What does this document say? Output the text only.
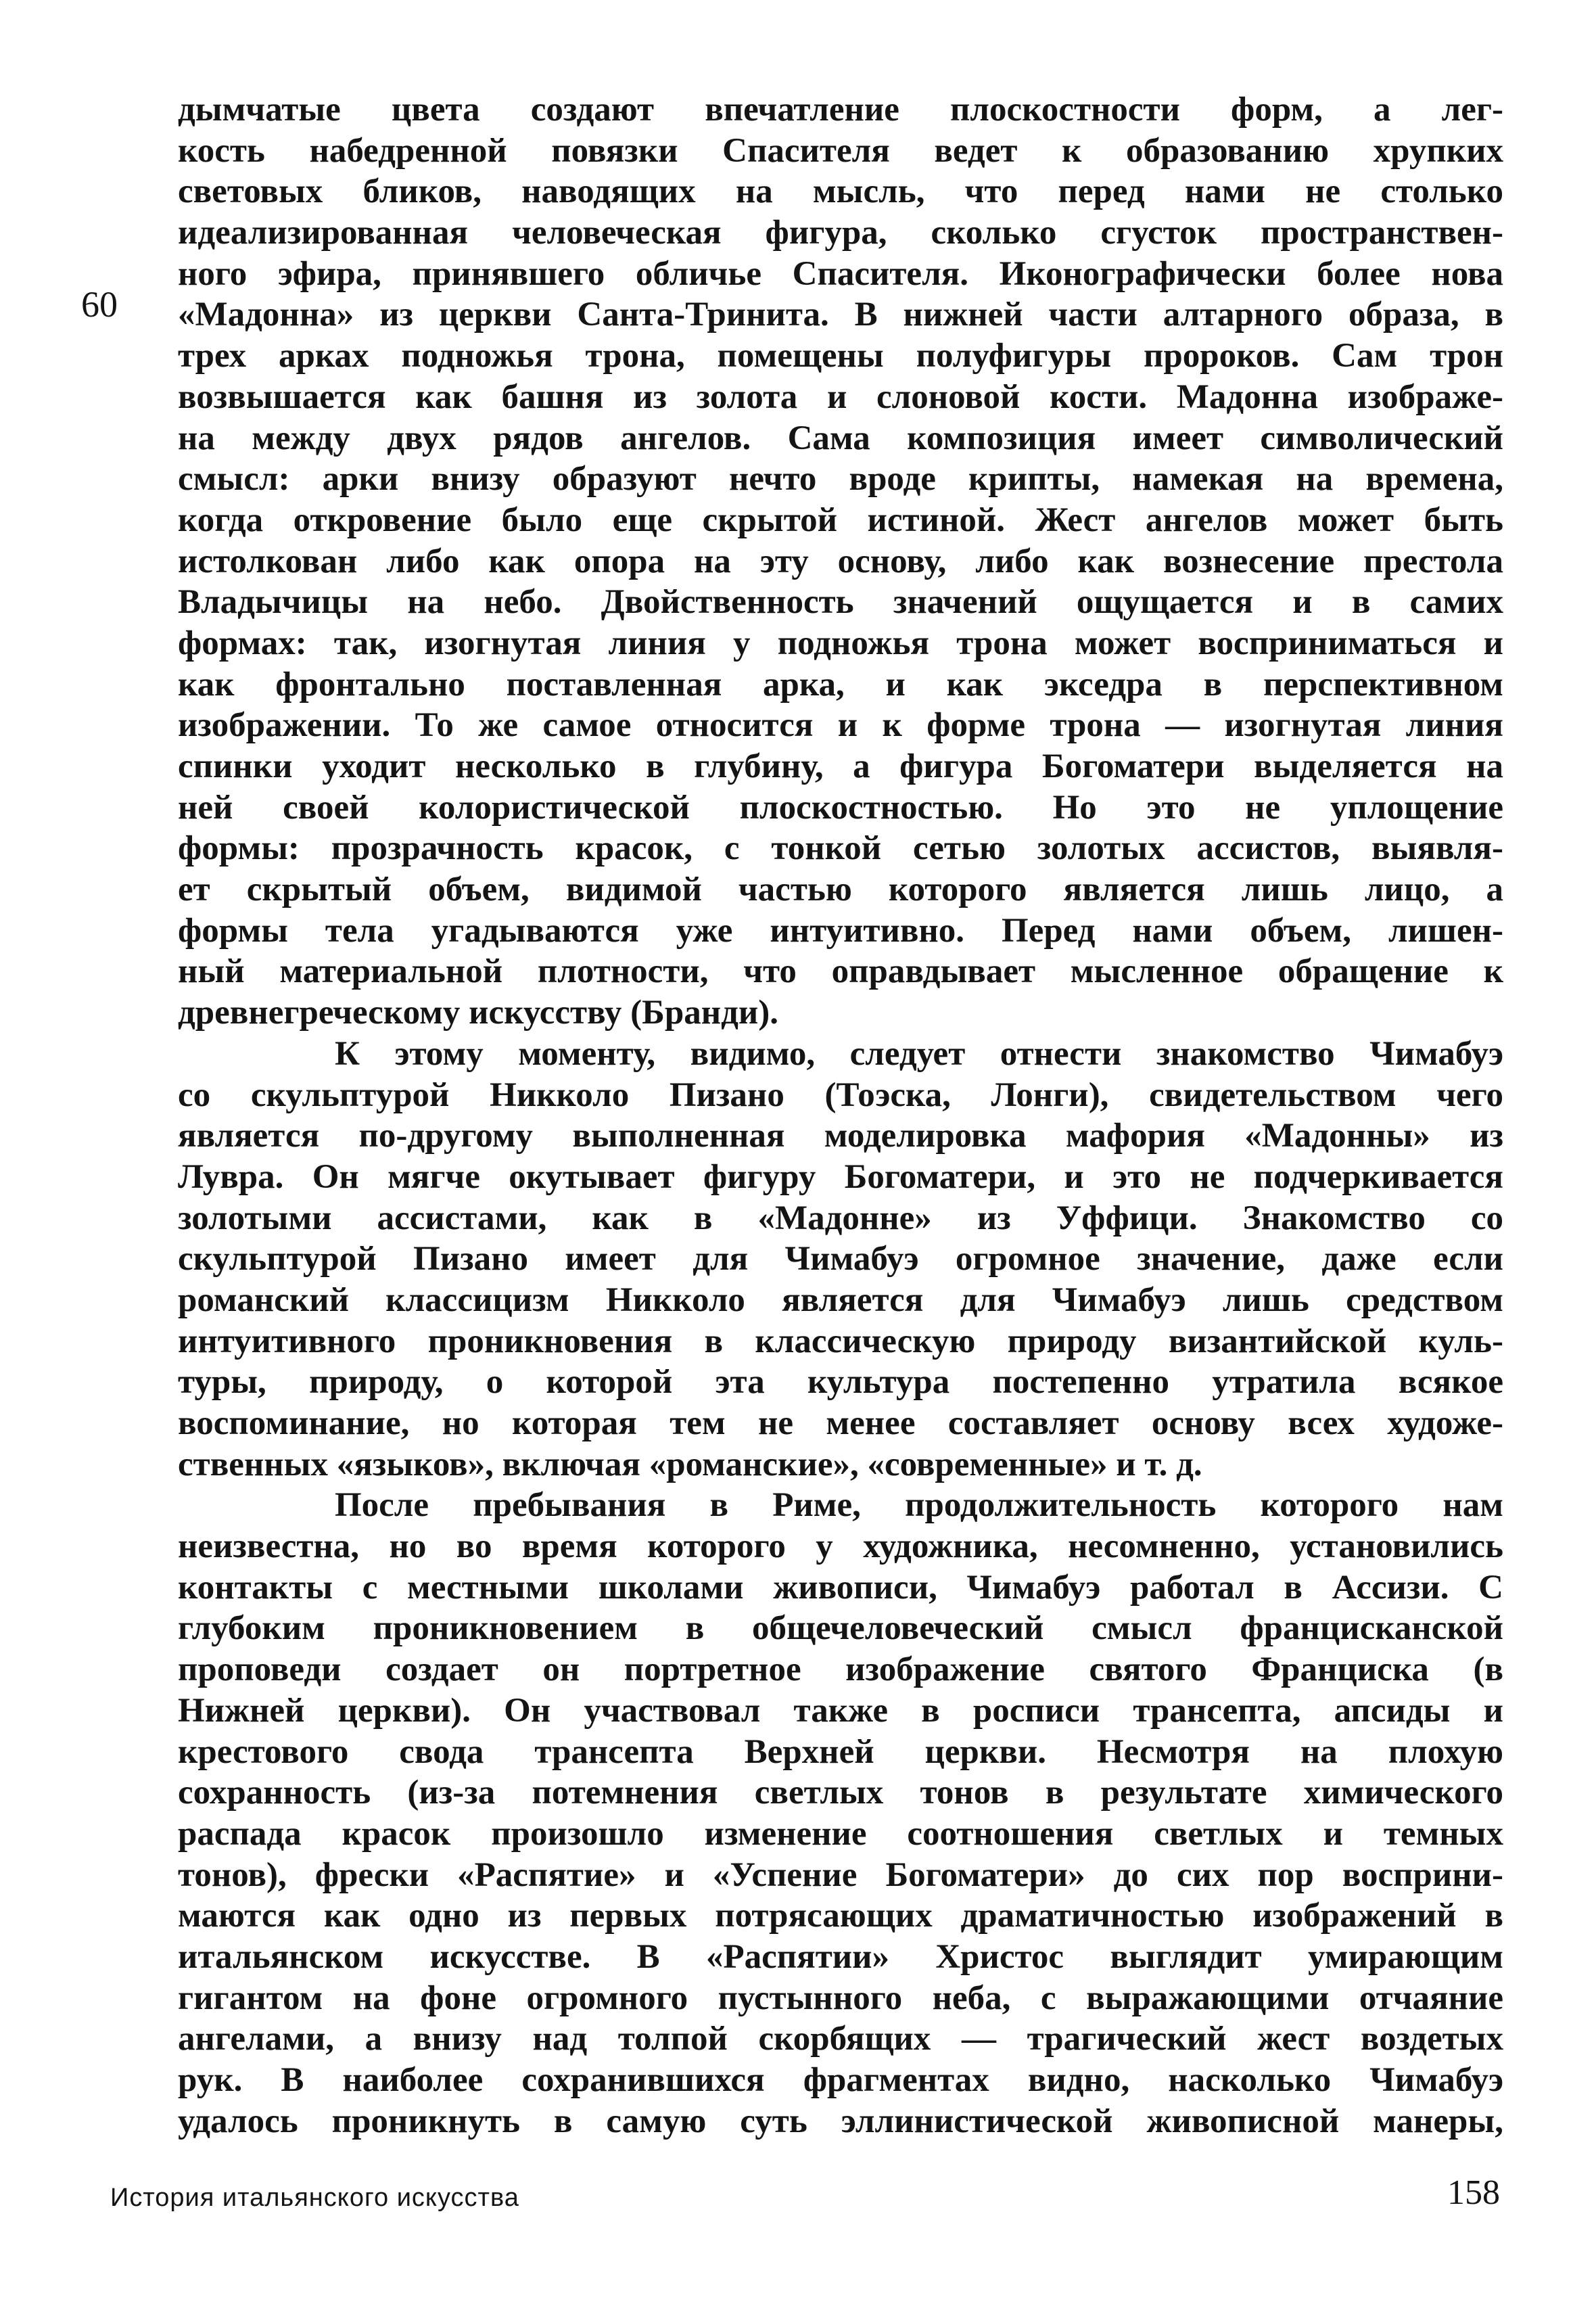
60
дымчатые цвета создают впечатление плоскостности форм, а лег-
кость набедренной повязки Спасителя ведет к образованию хрупких
световых бликов, наводящих на мысль, что перед нами не столько
идеализированная человеческая фигура, сколько сгусток пространствен-
ного эфира, принявшего обличье Спасителя. Иконографически более нова
«Мадонна» из церкви Санта-Тринита. В нижней части алтарного образа, в
трех арках подножья трона, помещены полуфигуры пророков. Сам трон
возвышается как башня из золота и слоновой кости. Мадонна изображе-
на между двух рядов ангелов. Сама композиция имеет символический
смысл: арки внизу образуют нечто вроде крипты, намекая на времена,
когда откровение было еще скрытой истиной. Жест ангелов может быть
истолкован либо как опора на эту основу, либо как вознесение престола
Владычицы на небо. Двойственность значений ощущается и в самих
формах: так, изогнутая линия у подножья трона может восприниматься и
как фронтально поставленная арка, и как экседра в перспективном
изображении. То же самое относится и к форме трона — изогнутая линия
спинки уходит несколько в глубину, а фигура Богоматери выделяется на
ней своей колористической плоскостностью. Но это не уплощение
формы: прозрачность красок, с тонкой сетью золотых ассистов, выявля-
ет скрытый объем, видимой частью которого является лишь лицо, а
формы тела угадываются уже интуитивно. Перед нами объем, лишен-
ный материальной плотности, что оправдывает мысленное обращение к
древнегреческому искусству (Бранди).
К этому моменту, видимо, следует отнести знакомство Чимабуэ
со скульптурой Никколо Пизано (Тоэска, Лонги), свидетельством чего
является по-другому выполненная моделировка мафория «Мадонны» из
Лувра. Он мягче окутывает фигуру Богоматери, и это не подчеркивается
золотыми ассистами, как в «Мадонне» из Уффици. Знакомство со
скульптурой Пизано имеет для Чимабуэ огромное значение, даже если
романский классицизм Никколо является для Чимабуэ лишь средством
интуитивного проникновения в классическую природу византийской куль-
туры, природу, о которой эта культура постепенно утратила всякое
воспоминание, но которая тем не менее составляет основу всех художе-
ственных «языков», включая «романские», «современные» и т. д.
После пребывания в Риме, продолжительность которого нам
неизвестна, но во время которого у художника, несомненно, установились
контакты с местными школами живописи, Чимабуэ работал в Ассизи. С
глубоким проникновением в общечеловеческий смысл францисканской
проповеди создает он портретное изображение святого Франциска (в
Нижней церкви). Он участвовал также в росписи трансепта, апсиды и
крестового свода трансепта Верхней церкви. Несмотря на плохую
сохранность (из-за потемнения светлых тонов в результате химического
распада красок произошло изменение соотношения светлых и темных
тонов), фрески «Распятие» и «Успение Богоматери» до сих пор восприни-
маются как одно из первых потрясающих драматичностью изображений в
итальянском искусстве. В «Распятии» Христос выглядит умирающим
гигантом на фоне огромного пустынного неба, с выражающими отчаяние
ангелами, а внизу над толпой скорбящих — трагический жест воздетых
рук. В наиболее сохранившихся фрагментах видно, насколько Чимабуэ
удалось проникнуть в самую суть эллинистической живописной манеры,
История итальянского искусства	158
